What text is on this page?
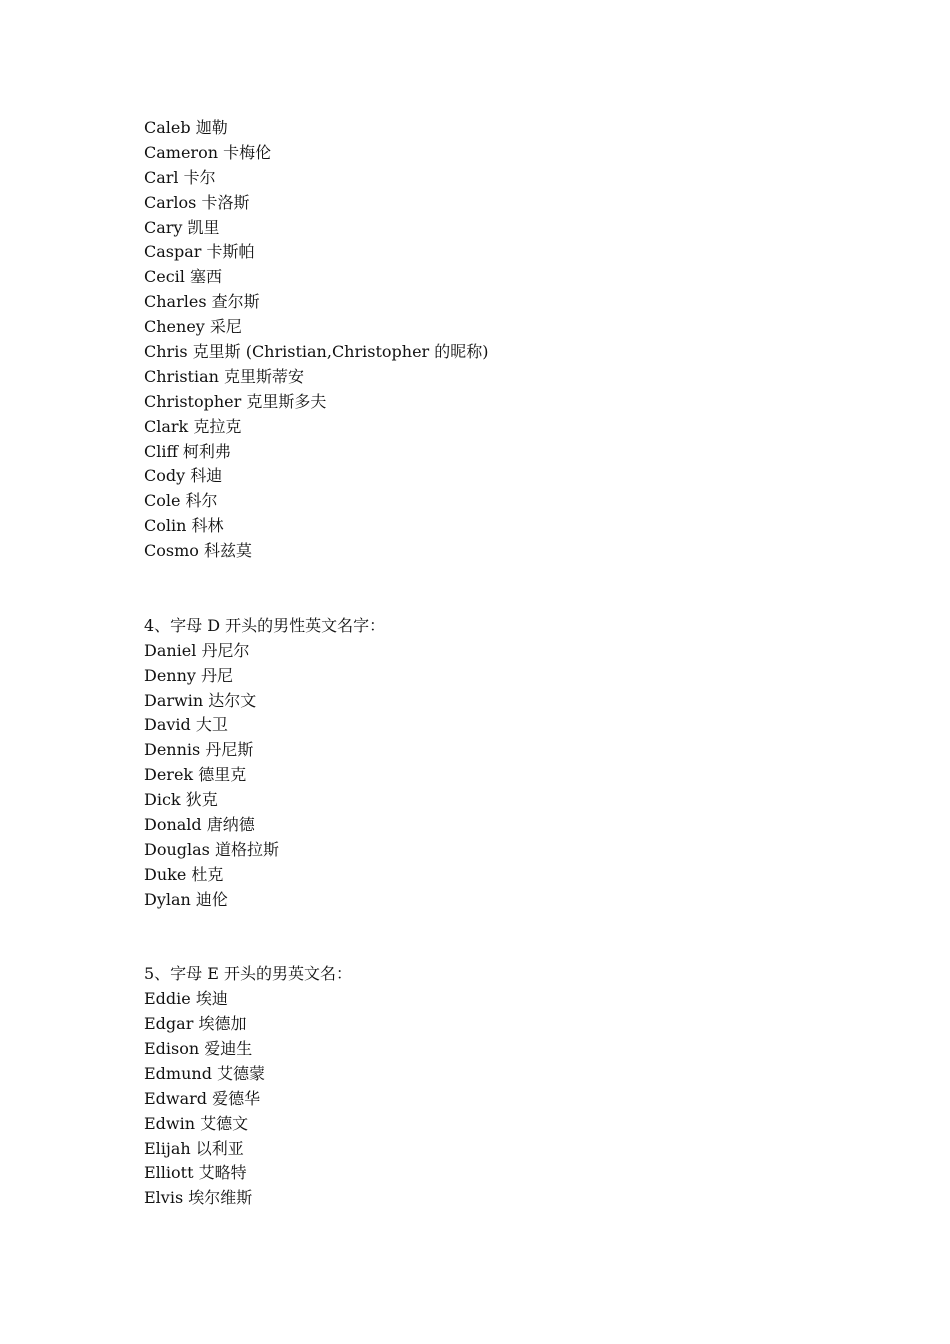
Caleb 迦勒
Cameron 卡梅伦
Carl 卡尔
Carlos 卡洛斯
Cary 凯里
Caspar 卡斯帕
Cecil 塞西
Charles 查尔斯
Cheney 采尼
Chris 克里斯 (Christian,Christopher 的昵称)
Christian 克里斯蒂安
Christopher 克里斯多夫
Clark 克拉克
Cliff 柯利弗
Cody 科迪
Cole 科尔
Colin 科林
Cosmo 科兹莫
4、字母 D 开头的男性英文名字：
Daniel 丹尼尔
Denny 丹尼
Darwin 达尔文
David 大卫
Dennis 丹尼斯
Derek 德里克
Dick 狄克
Donald 唐纳德
Douglas 道格拉斯
Duke 杜克
Dylan 迪伦
5、字母 E 开头的男英文名：
Eddie 埃迪
Edgar 埃德加
Edison 爱迪生
Edmund 艾德蒙
Edward 爱德华
Edwin 艾德文
Elijah 以利亚
Elliott 艾略特
Elvis 埃尔维斯
